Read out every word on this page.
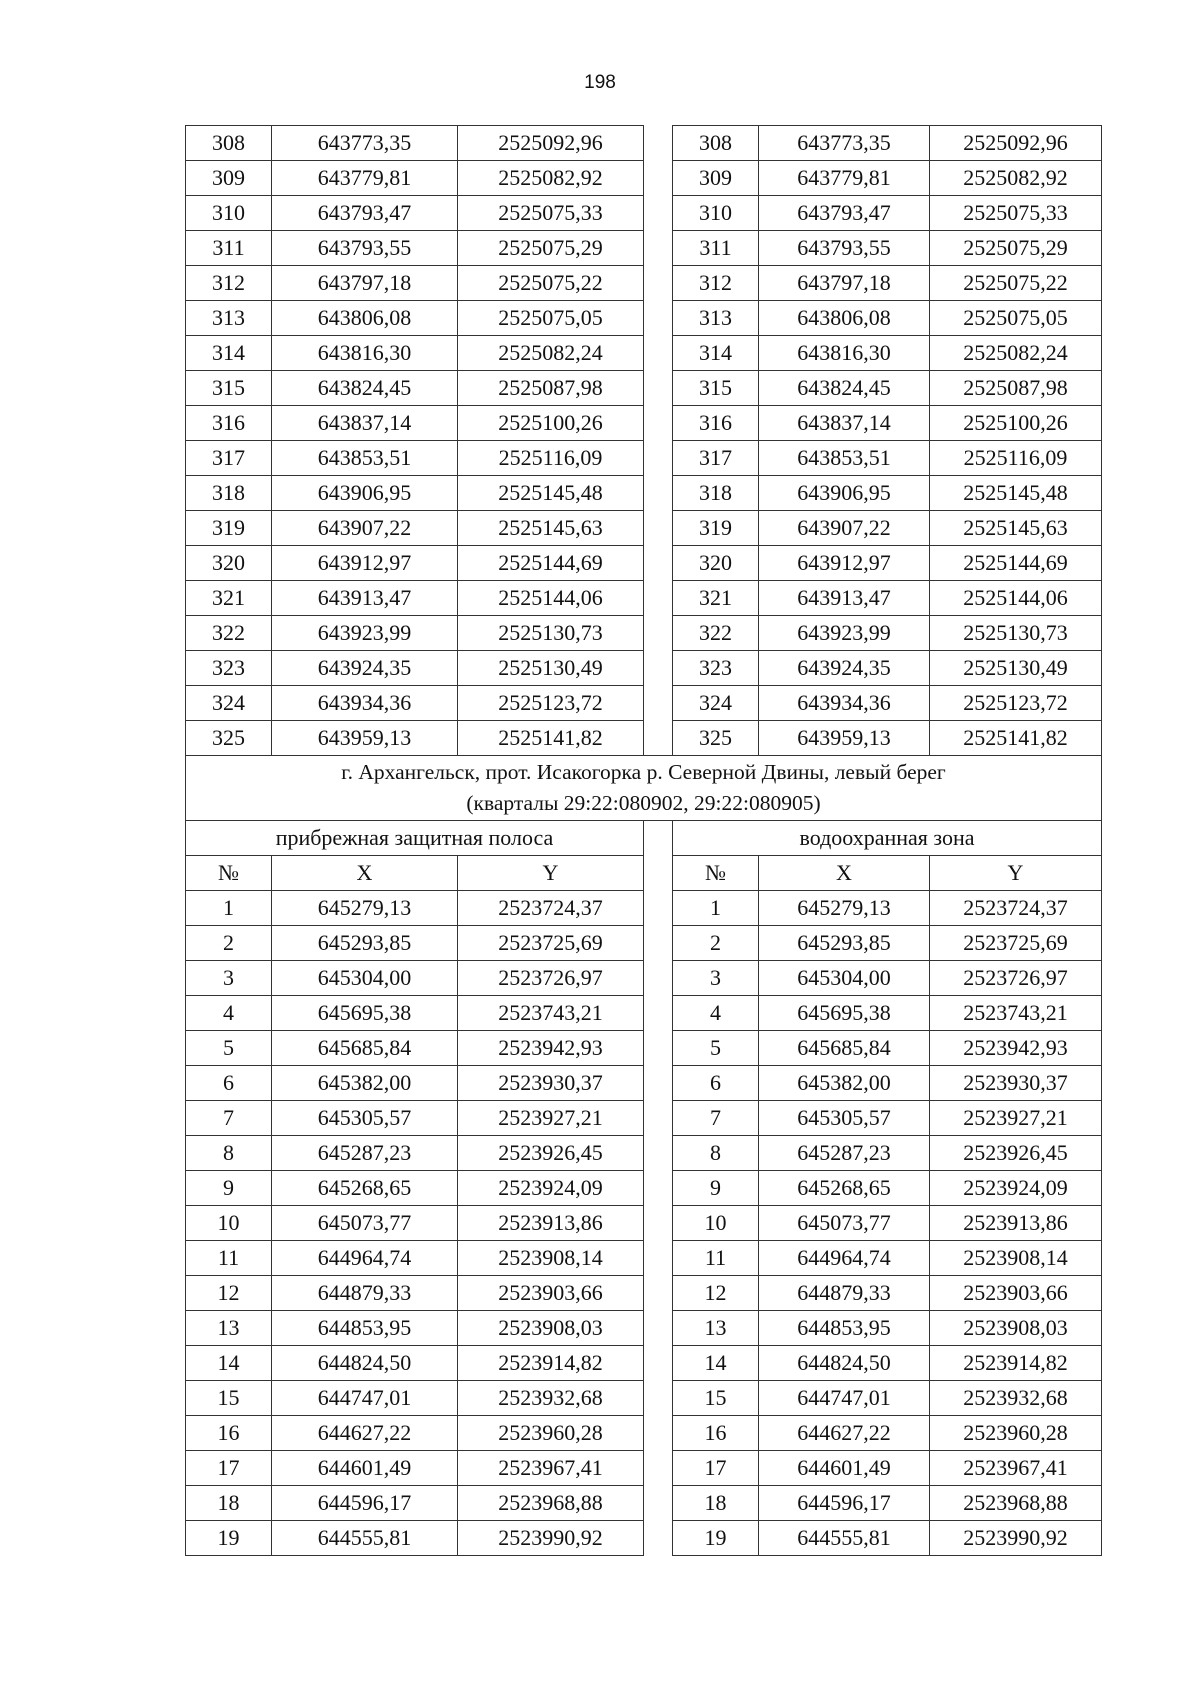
198
308	643773,35	2525092,96		308	643773,35	2525092,96
309	643779,81	2525082,92		309	643779,81	2525082,92
310	643793,47	2525075,33		310	643793,47	2525075,33
311	643793,55	2525075,29		311	643793,55	2525075,29
312	643797,18	2525075,22		312	643797,18	2525075,22
313	643806,08	2525075,05		313	643806,08	2525075,05
314	643816,30	2525082,24		314	643816,30	2525082,24
315	643824,45	2525087,98		315	643824,45	2525087,98
316	643837,14	2525100,26		316	643837,14	2525100,26
317	643853,51	2525116,09		317	643853,51	2525116,09
318	643906,95	2525145,48		318	643906,95	2525145,48
319	643907,22	2525145,63		319	643907,22	2525145,63
320	643912,97	2525144,69		320	643912,97	2525144,69
321	643913,47	2525144,06		321	643913,47	2525144,06
322	643923,99	2525130,73		322	643923,99	2525130,73
323	643924,35	2525130,49		323	643924,35	2525130,49
324	643934,36	2525123,72		324	643934,36	2525123,72
325	643959,13	2525141,82		325	643959,13	2525141,82

г. Архангельск, прот. Исакогорка р. Северной Двины, левый берег
(кварталы 29:22:080902, 29:22:080905)						

прибрежная защитная полоса				водоохранная зона		
№	X	Y		№	X	Y
1	645279,13	2523724,37		1	645279,13	2523724,37
2	645293,85	2523725,69		2	645293,85	2523725,69
3	645304,00	2523726,97		3	645304,00	2523726,97
4	645695,38	2523743,21		4	645695,38	2523743,21
5	645685,84	2523942,93		5	645685,84	2523942,93
6	645382,00	2523930,37		6	645382,00	2523930,37
7	645305,57	2523927,21		7	645305,57	2523927,21
8	645287,23	2523926,45		8	645287,23	2523926,45
9	645268,65	2523924,09		9	645268,65	2523924,09
10	645073,77	2523913,86		10	645073,77	2523913,86
11	644964,74	2523908,14		11	644964,74	2523908,14
12	644879,33	2523903,66		12	644879,33	2523903,66
13	644853,95	2523908,03		13	644853,95	2523908,03
14	644824,50	2523914,82		14	644824,50	2523914,82
15	644747,01	2523932,68		15	644747,01	2523932,68
16	644627,22	2523960,28		16	644627,22	2523960,28
17	644601,49	2523967,41		17	644601,49	2523967,41
18	644596,17	2523968,88		18	644596,17	2523968,88
19	644555,81	2523990,92		19	644555,81	2523990,92
